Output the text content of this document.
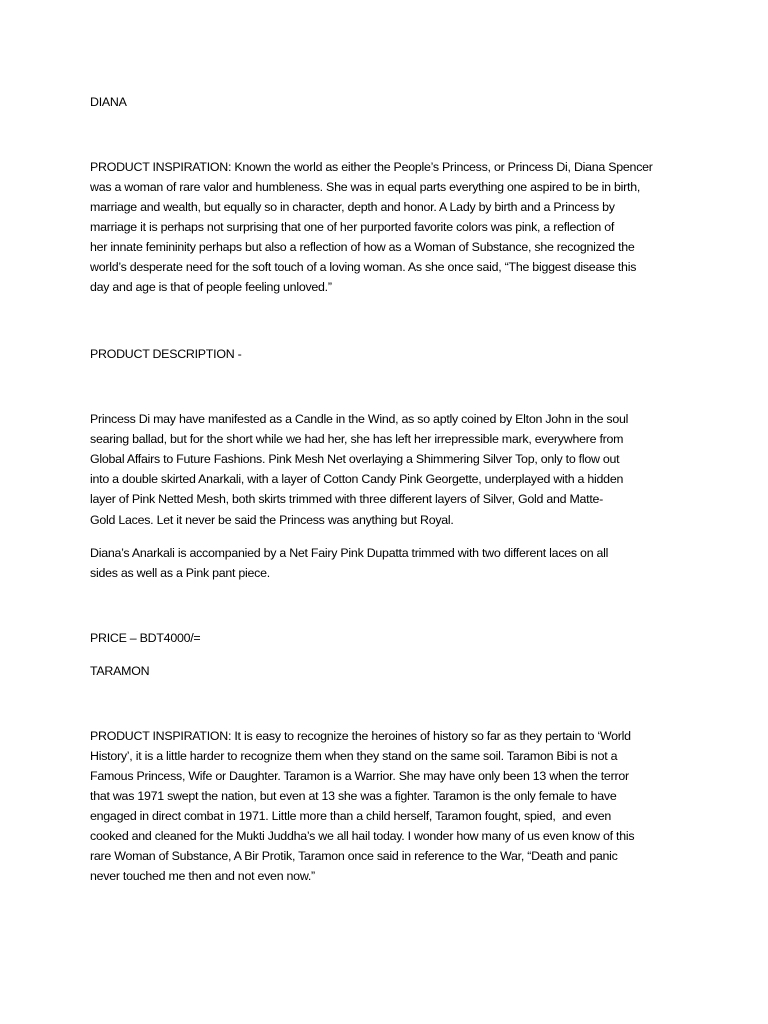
DIANA

PRODUCT INSPIRATION: Known the world as either the People’s Princess, or Princess Di, Diana Spencer

was a woman of rare valor and humbleness. She was in equal parts everything one aspired to be in birth,

marriage and wealth, but equally so in character, depth and honor. A Lady by birth and a Princess by

marriage it is perhaps not surprising that one of her purported favorite colors was pink, a reflection of

her innate femininity perhaps but also a reflection of how as a Woman of Substance, she recognized the

world’s desperate need for the soft touch of a loving woman. As she once said, “The biggest disease this

day and age is that of people feeling unloved.”

PRODUCT DESCRIPTION -

Princess Di may have manifested as a Candle in the Wind, as so aptly coined by Elton John in the soul

searing ballad, but for the short while we had her, she has left her irrepressible mark, everywhere from

Global Affairs to Future Fashions. Pink Mesh Net overlaying a Shimmering Silver Top, only to flow out

into a double skirted Anarkali, with a layer of Cotton Candy Pink Georgette, underplayed with a hidden

layer of Pink Netted Mesh, both skirts trimmed with three different layers of Silver, Gold and Matte-

Gold Laces. Let it never be said the Princess was anything but Royal.

Diana’s Anarkali is accompanied by a Net Fairy Pink Dupatta trimmed with two different laces on all

sides as well as a Pink pant piece.

PRICE – BDT4000/=

TARAMON

PRODUCT INSPIRATION: It is easy to recognize the heroines of history so far as they pertain to ‘World

History’, it is a little harder to recognize them when they stand on the same soil. Taramon Bibi is not a

Famous Princess, Wife or Daughter. Taramon is a Warrior. She may have only been 13 when the terror

that was 1971 swept the nation, but even at 13 she was a fighter. Taramon is the only female to have

engaged in direct combat in 1971. Little more than a child herself, Taramon fought, spied,  and even

cooked and cleaned for the Mukti Juddha’s we all hail today. I wonder how many of us even know of this

rare Woman of Substance, A Bir Protik, Taramon once said in reference to the War, “Death and panic

never touched me then and not even now.”
